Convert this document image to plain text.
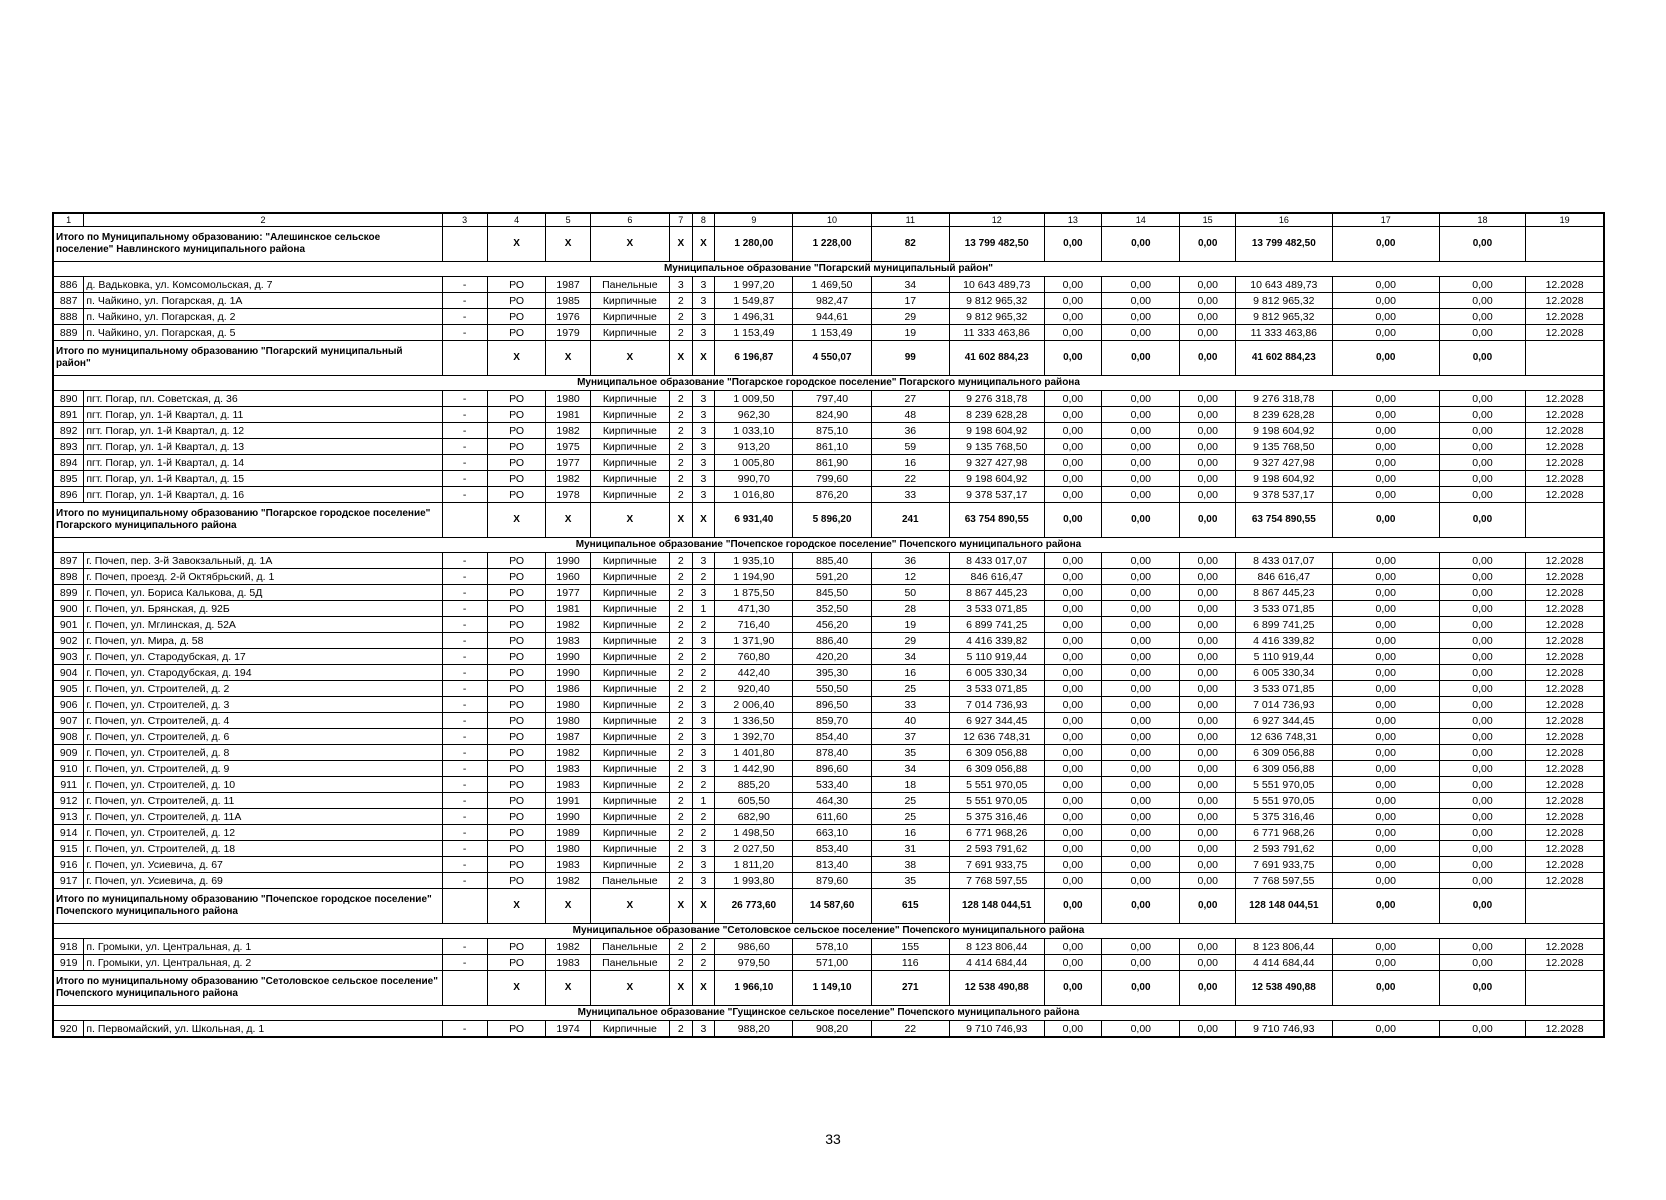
1	2	3	4	5	6	7	8	9	10	11	12	13	14	15	16	17	18	19
Итого по Муниципальному образованию: "Алешинское сельское поселение" Навлинского муниципального района			X	X	X	X	X	1 280,00	1 228,00	82	13 799 482,50	0,00	0,00	0,00	13 799 482,50	0,00	0,00	
Муниципальное образование "Погарский муниципальный район"																		
886	д. Вадьковка, ул. Комсомольская, д. 7	-	РО	1987	Панельные	3	3	1 997,20	1 469,50	34	10 643 489,73	0,00	0,00	0,00	10 643 489,73	0,00	0,00	12.2028
887	п. Чайкино, ул. Погарская, д. 1А	-	РО	1985	Кирпичные	2	3	1 549,87	982,47	17	9 812 965,32	0,00	0,00	0,00	9 812 965,32	0,00	0,00	12.2028
888	п. Чайкино, ул. Погарская, д. 2	-	РО	1976	Кирпичные	2	3	1 496,31	944,61	29	9 812 965,32	0,00	0,00	0,00	9 812 965,32	0,00	0,00	12.2028
889	п. Чайкино, ул. Погарская, д. 5	-	РО	1979	Кирпичные	2	3	1 153,49	1 153,49	19	11 333 463,86	0,00	0,00	0,00	11 333 463,86	0,00	0,00	12.2028
Итого по муниципальному образованию "Погарский муниципальный район"			X	X	X	X	X	6 196,87	4 550,07	99	41 602 884,23	0,00	0,00	0,00	41 602 884,23	0,00	0,00	
Муниципальное образование "Погарское городское поселение" Погарского муниципального района																		
890	пгт. Погар, пл. Советская, д. 36	-	РО	1980	Кирпичные	2	3	1 009,50	797,40	27	9 276 318,78	0,00	0,00	0,00	9 276 318,78	0,00	0,00	12.2028
891	пгт. Погар, ул. 1-й Квартал, д. 11	-	РО	1981	Кирпичные	2	3	962,30	824,90	48	8 239 628,28	0,00	0,00	0,00	8 239 628,28	0,00	0,00	12.2028
892	пгт. Погар, ул. 1-й Квартал, д. 12	-	РО	1982	Кирпичные	2	3	1 033,10	875,10	36	9 198 604,92	0,00	0,00	0,00	9 198 604,92	0,00	0,00	12.2028
893	пгт. Погар, ул. 1-й Квартал, д. 13	-	РО	1975	Кирпичные	2	3	913,20	861,10	59	9 135 768,50	0,00	0,00	0,00	9 135 768,50	0,00	0,00	12.2028
894	пгт. Погар, ул. 1-й Квартал, д. 14	-	РО	1977	Кирпичные	2	3	1 005,80	861,90	16	9 327 427,98	0,00	0,00	0,00	9 327 427,98	0,00	0,00	12.2028
895	пгт. Погар, ул. 1-й Квартал, д. 15	-	РО	1982	Кирпичные	2	3	990,70	799,60	22	9 198 604,92	0,00	0,00	0,00	9 198 604,92	0,00	0,00	12.2028
896	пгт. Погар, ул. 1-й Квартал, д. 16	-	РО	1978	Кирпичные	2	3	1 016,80	876,20	33	9 378 537,17	0,00	0,00	0,00	9 378 537,17	0,00	0,00	12.2028
Итого по муниципальному образованию "Погарское городское поселение" Погарского муниципального района			X	X	X	X	X	6 931,40	5 896,20	241	63 754 890,55	0,00	0,00	0,00	63 754 890,55	0,00	0,00	
Муниципальное образование "Почепское городское поселение" Почепского муниципального района																		
897	г. Почеп, пер. 3-й Завокзальный, д. 1А	-	РО	1990	Кирпичные	2	3	1 935,10	885,40	36	8 433 017,07	0,00	0,00	0,00	8 433 017,07	0,00	0,00	12.2028
898	г. Почеп, проезд. 2-й Октябрьский, д. 1	-	РО	1960	Кирпичные	2	2	1 194,90	591,20	12	846 616,47	0,00	0,00	0,00	846 616,47	0,00	0,00	12.2028
899	г. Почеп, ул. Бориса Калькова, д. 5Д	-	РО	1977	Кирпичные	2	3	1 875,50	845,50	50	8 867 445,23	0,00	0,00	0,00	8 867 445,23	0,00	0,00	12.2028
900	г. Почеп, ул. Брянская, д. 92Б	-	РО	1981	Кирпичные	2	1	471,30	352,50	28	3 533 071,85	0,00	0,00	0,00	3 533 071,85	0,00	0,00	12.2028
901	г. Почеп, ул. Мглинская, д. 52А	-	РО	1982	Кирпичные	2	2	716,40	456,20	19	6 899 741,25	0,00	0,00	0,00	6 899 741,25	0,00	0,00	12.2028
902	г. Почеп, ул. Мира, д. 58	-	РО	1983	Кирпичные	2	3	1 371,90	886,40	29	4 416 339,82	0,00	0,00	0,00	4 416 339,82	0,00	0,00	12.2028
903	г. Почеп, ул. Стародубская, д. 17	-	РО	1990	Кирпичные	2	2	760,80	420,20	34	5 110 919,44	0,00	0,00	0,00	5 110 919,44	0,00	0,00	12.2028
904	г. Почеп, ул. Стародубская, д. 194	-	РО	1990	Кирпичные	2	2	442,40	395,30	16	6 005 330,34	0,00	0,00	0,00	6 005 330,34	0,00	0,00	12.2028
905	г. Почеп, ул. Строителей, д. 2	-	РО	1986	Кирпичные	2	2	920,40	550,50	25	3 533 071,85	0,00	0,00	0,00	3 533 071,85	0,00	0,00	12.2028
906	г. Почеп, ул. Строителей, д. 3	-	РО	1980	Кирпичные	2	3	2 006,40	896,50	33	7 014 736,93	0,00	0,00	0,00	7 014 736,93	0,00	0,00	12.2028
907	г. Почеп, ул. Строителей, д. 4	-	РО	1980	Кирпичные	2	3	1 336,50	859,70	40	6 927 344,45	0,00	0,00	0,00	6 927 344,45	0,00	0,00	12.2028
908	г. Почеп, ул. Строителей, д. 6	-	РО	1987	Кирпичные	2	3	1 392,70	854,40	37	12 636 748,31	0,00	0,00	0,00	12 636 748,31	0,00	0,00	12.2028
909	г. Почеп, ул. Строителей, д. 8	-	РО	1982	Кирпичные	2	3	1 401,80	878,40	35	6 309 056,88	0,00	0,00	0,00	6 309 056,88	0,00	0,00	12.2028
910	г. Почеп, ул. Строителей, д. 9	-	РО	1983	Кирпичные	2	3	1 442,90	896,60	34	6 309 056,88	0,00	0,00	0,00	6 309 056,88	0,00	0,00	12.2028
911	г. Почеп, ул. Строителей, д. 10	-	РО	1983	Кирпичные	2	2	885,20	533,40	18	5 551 970,05	0,00	0,00	0,00	5 551 970,05	0,00	0,00	12.2028
912	г. Почеп, ул. Строителей, д. 11	-	РО	1991	Кирпичные	2	1	605,50	464,30	25	5 551 970,05	0,00	0,00	0,00	5 551 970,05	0,00	0,00	12.2028
913	г. Почеп, ул. Строителей, д. 11А	-	РО	1990	Кирпичные	2	2	682,90	611,60	25	5 375 316,46	0,00	0,00	0,00	5 375 316,46	0,00	0,00	12.2028
914	г. Почеп, ул. Строителей, д. 12	-	РО	1989	Кирпичные	2	2	1 498,50	663,10	16	6 771 968,26	0,00	0,00	0,00	6 771 968,26	0,00	0,00	12.2028
915	г. Почеп, ул. Строителей, д. 18	-	РО	1980	Кирпичные	2	3	2 027,50	853,40	31	2 593 791,62	0,00	0,00	0,00	2 593 791,62	0,00	0,00	12.2028
916	г. Почеп, ул. Усиевича, д. 67	-	РО	1983	Кирпичные	2	3	1 811,20	813,40	38	7 691 933,75	0,00	0,00	0,00	7 691 933,75	0,00	0,00	12.2028
917	г. Почеп, ул. Усиевича, д. 69	-	РО	1982	Панельные	2	3	1 993,80	879,60	35	7 768 597,55	0,00	0,00	0,00	7 768 597,55	0,00	0,00	12.2028
Итого по муниципальному образованию "Почепское городское поселение" Почепского муниципального района			X	X	X	X	X	26 773,60	14 587,60	615	128 148 044,51	0,00	0,00	0,00	128 148 044,51	0,00	0,00	
Муниципальное образование "Сетоловское сельское поселение" Почепского муниципального района																		
918	п. Громыки, ул. Центральная, д. 1	-	РО	1982	Панельные	2	2	986,60	578,10	155	8 123 806,44	0,00	0,00	0,00	8 123 806,44	0,00	0,00	12.2028
919	п. Громыки, ул. Центральная, д. 2	-	РО	1983	Панельные	2	2	979,50	571,00	116	4 414 684,44	0,00	0,00	0,00	4 414 684,44	0,00	0,00	12.2028
Итого по муниципальному образованию "Сетоловское сельское поселение" Почепского муниципального района			X	X	X	X	X	1 966,10	1 149,10	271	12 538 490,88	0,00	0,00	0,00	12 538 490,88	0,00	0,00	
Муниципальное образование "Гущинское сельское поселение" Почепского муниципального района																		
920	п. Первомайский, ул. Школьная, д. 1	-	РО	1974	Кирпичные	2	3	988,20	908,20	22	9 710 746,93	0,00	0,00	0,00	9 710 746,93	0,00	0,00	12.2028
33
